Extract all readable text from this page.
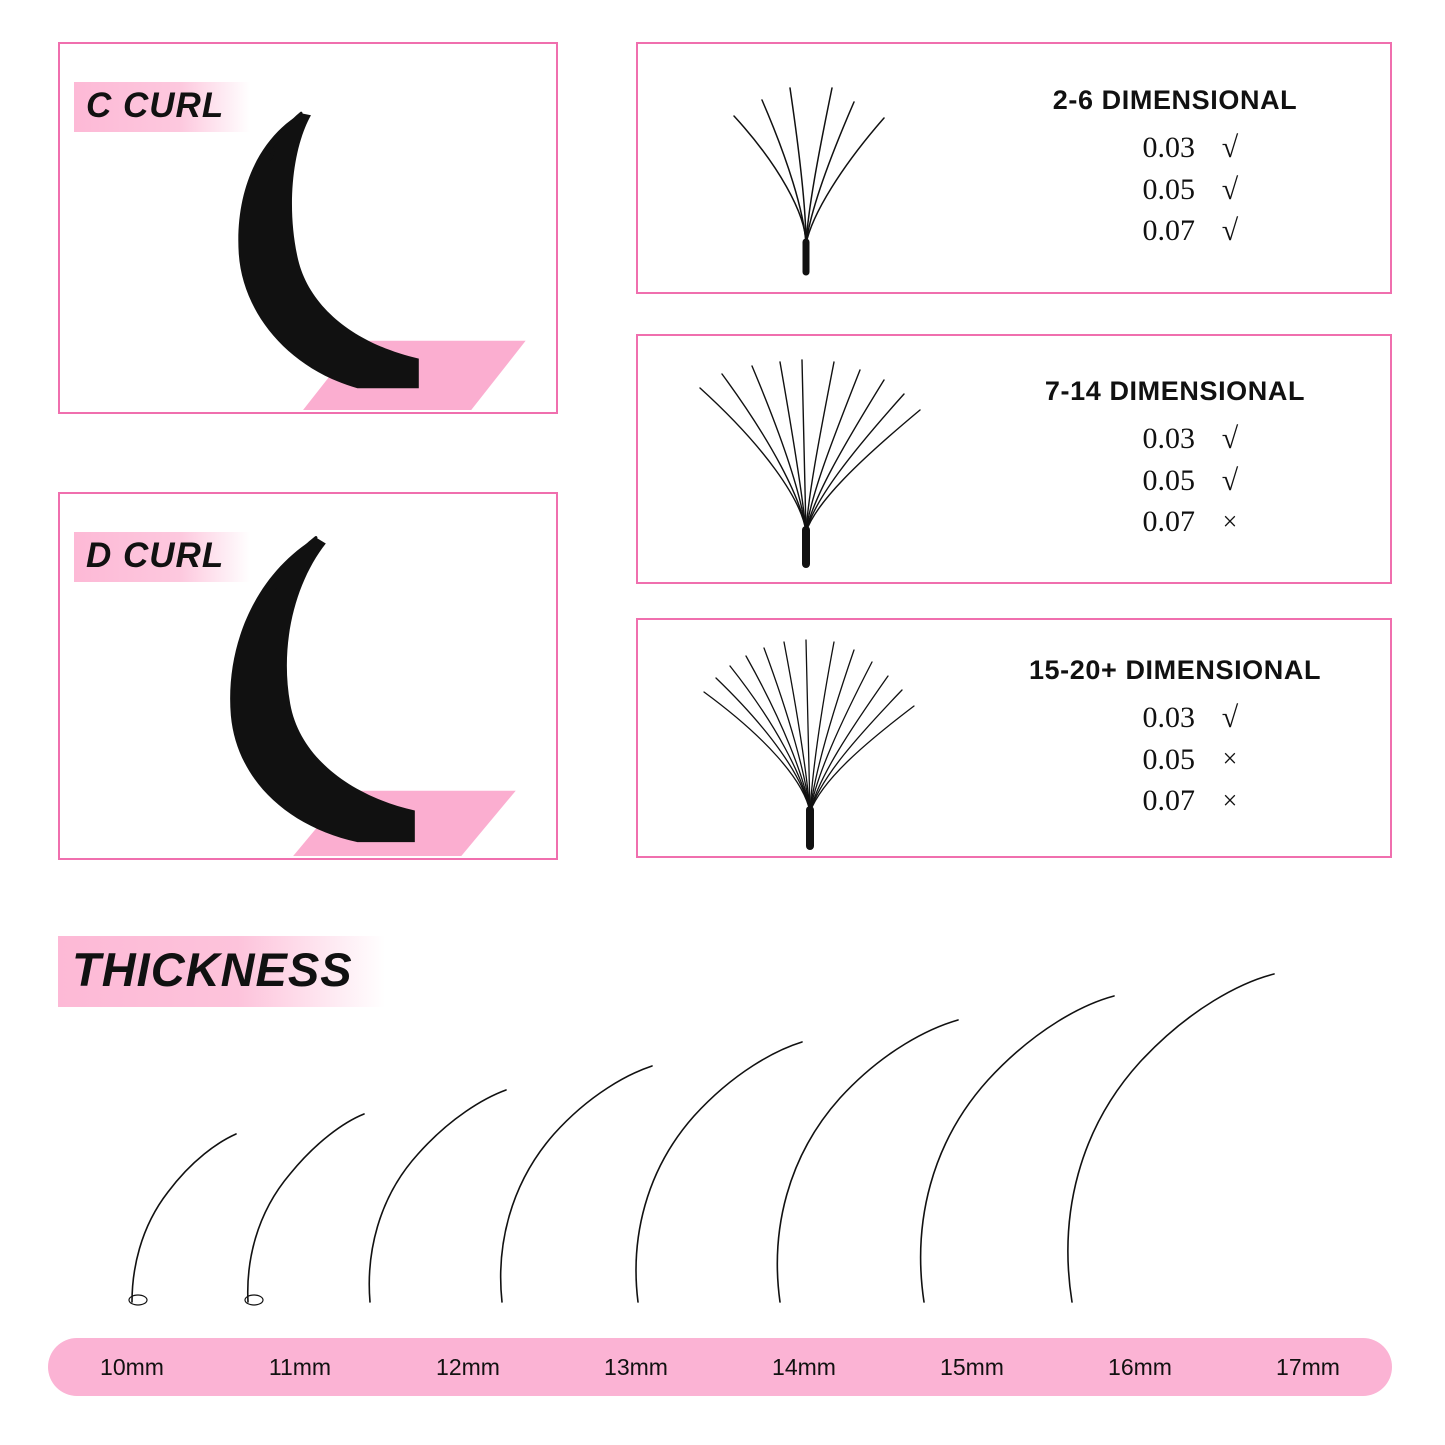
C CURL
D CURL
2-6 DIMENSIONAL
0.03 √
0.05 √
0.07 √
7-14 DIMENSIONAL
0.03 √
0.05 √
0.07	×
15-20+ DIMENSIONAL
0.03 √
0.05	×
0.07	×
THICKNESS
10mm	11mm	12mm	13mm	14mm	15mm	16mm	17mm
